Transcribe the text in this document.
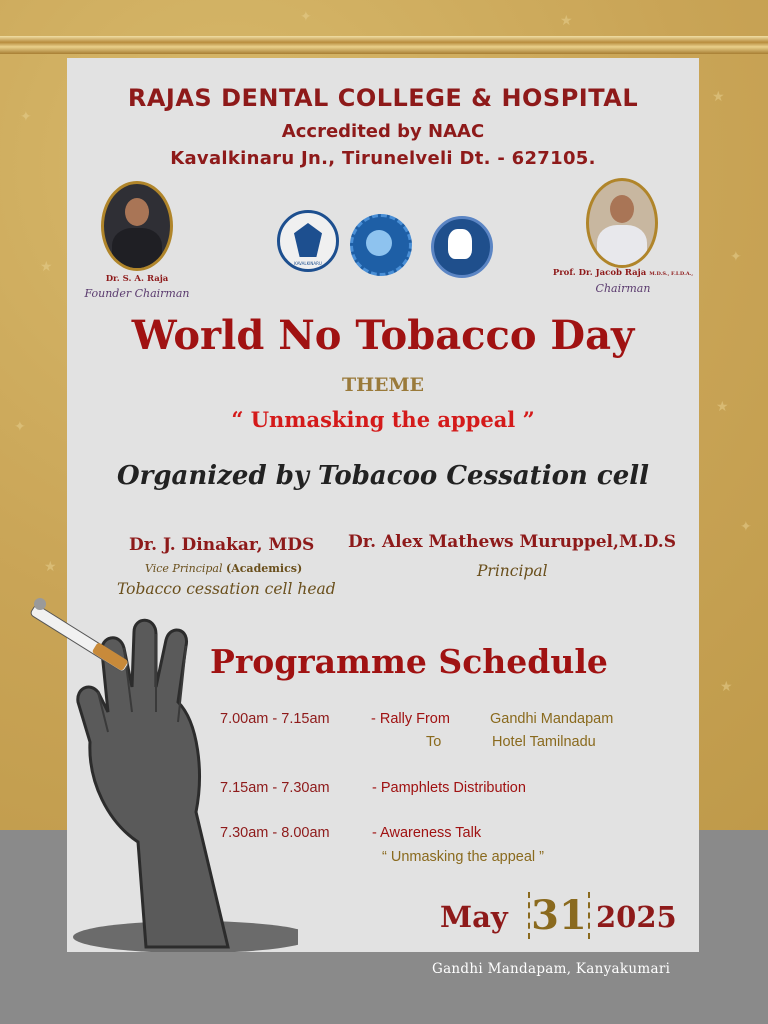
✦
★
✦
★
★
✦
★
✦
★
✦	★
RAJAS DENTAL COLLEGE & HOSPITAL
Accredited by NAAC
Kavalkinaru Jn., Tirunelveli Dt. - 627105.
Dr. S. A. Raja
Founder Chairman
Prof. Dr. Jacob Raja M.D.S., F.I.D.A.,
Chairman
KAVALKINARU
World No Tobacco Day
THEME
“ Unmasking the appeal ”
Organized by Tobacoo Cessation cell
Dr. J. Dinakar, MDS
Vice Principal (Academics)
Tobacco cessation cell head
Dr. Alex Mathews Muruppel,M.D.S
Principal
Programme Schedule
7.00am - 7.15am	- Rally From	Gandhi Mandapam
To	Hotel Tamilnadu
7.15am - 7.30am	- Pamphlets Distribution
7.30am - 8.00am	- Awareness Talk
“ Unmasking the appeal ”
May 31 2025
Gandhi Mandapam, Kanyakumari
